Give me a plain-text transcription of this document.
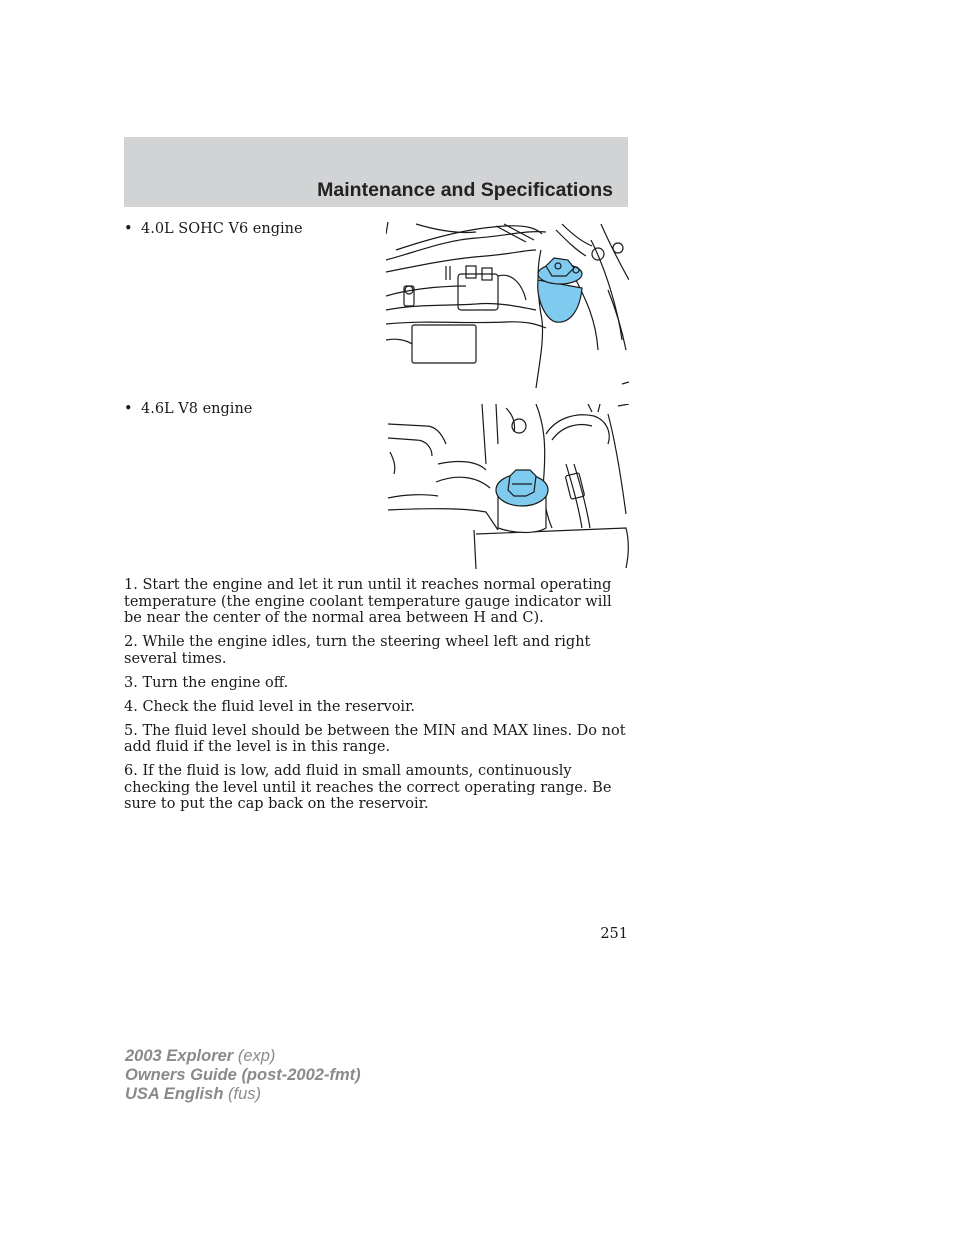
Maintenance and Specifications
• 4.0L SOHC V6 engine
• 4.6L V8 engine

1. Start the engine and let it run until it reaches normal operating temperature (the engine coolant temperature gauge indicator will be near the center of the normal area between H and C).

2. While the engine idles, turn the steering wheel left and right several times.

3. Turn the engine off.

4. Check the fluid level in the reservoir.

5. The fluid level should be between the MIN and MAX lines. Do not add fluid if the level is in this range.

6. If the fluid is low, add fluid in small amounts, continuously checking the level until it reaches the correct operating range. Be sure to put the cap back on the reservoir.

251
2003 Explorer (exp)
Owners Guide (post-2002-fmt)
USA English (fus)
